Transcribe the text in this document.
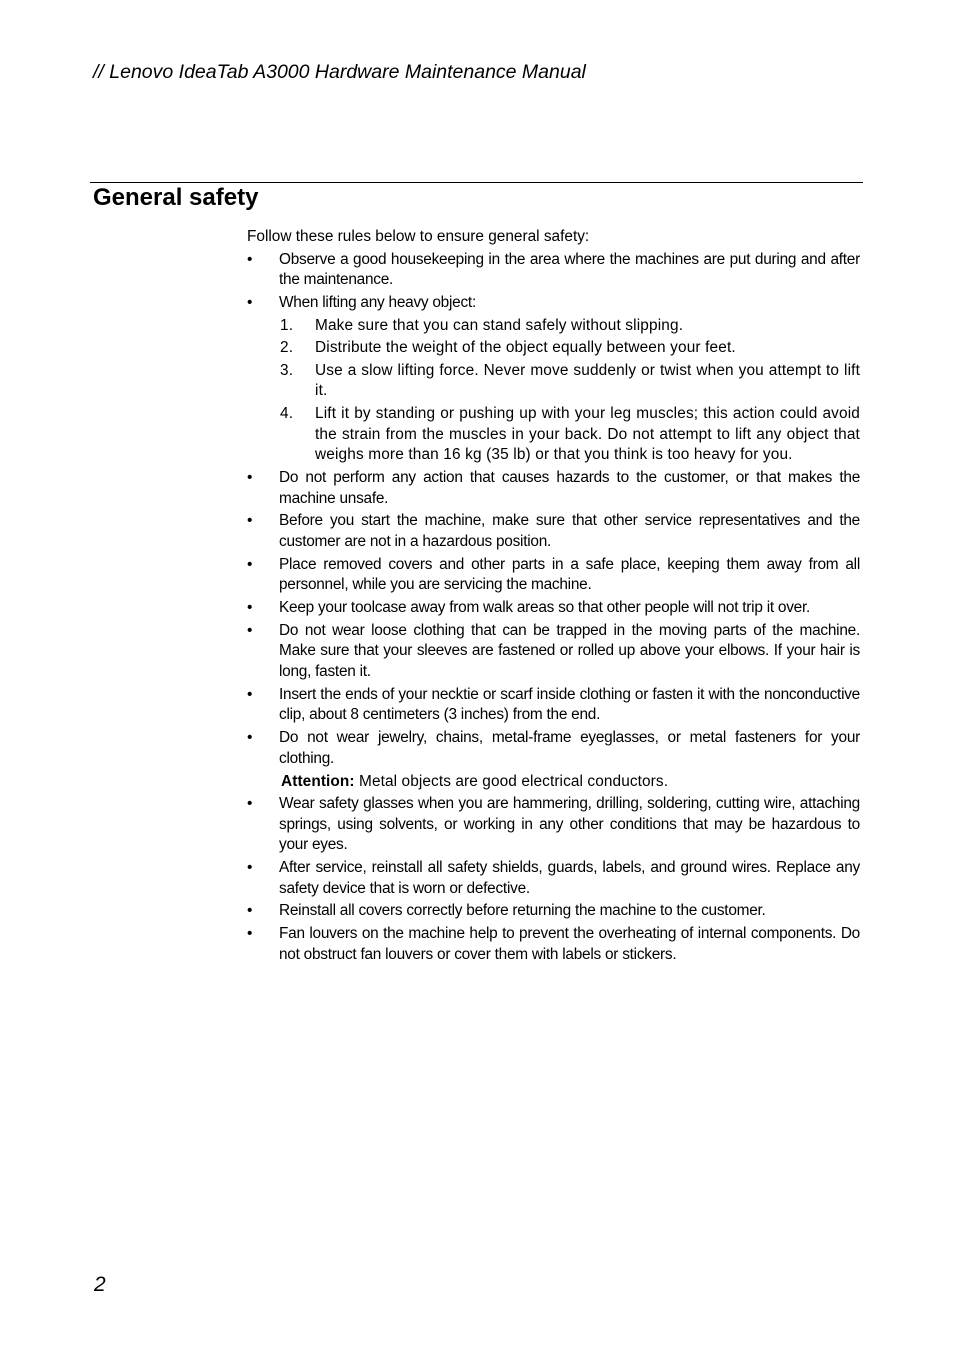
// Lenovo IdeaTab A3000 Hardware Maintenance Manual
General safety

Follow these rules below to ensure general safety:

• Observe a good housekeeping in the area where the machines are put during and after the maintenance.
• When lifting any heavy object:
1. Make sure that you can stand safely without slipping.
2. Distribute the weight of the object equally between your feet.
3. Use a slow lifting force. Never move suddenly or twist when you attempt to lift it.
4. Lift it by standing or pushing up with your leg muscles; this action could avoid the strain from the muscles in your back. Do not attempt to lift any object that weighs more than 16 kg (35 lb) or that you think is too heavy for you.
• Do not perform any action that causes hazards to the customer, or that makes the machine unsafe.
• Before you start the machine, make sure that other service representatives and the customer are not in a hazardous position.
• Place removed covers and other parts in a safe place, keeping them away from all personnel, while you are servicing the machine.
• Keep your toolcase away from walk areas so that other people will not trip it over.
• Do not wear loose clothing that can be trapped in the moving parts of the machine. Make sure that your sleeves are fastened or rolled up above your elbows. If your hair is long, fasten it.
• Insert the ends of your necktie or scarf inside clothing or fasten it with the nonconductive clip, about 8 centimeters (3 inches) from the end.
• Do not wear jewelry, chains, metal-frame eyeglasses, or metal fasteners for your clothing.

Attention: Metal objects are good electrical conductors.

• Wear safety glasses when you are hammering, drilling, soldering, cutting wire, attaching springs, using solvents, or working in any other conditions that may be hazardous to your eyes.
• After service, reinstall all safety shields, guards, labels, and ground wires. Replace any safety device that is worn or defective.
• Reinstall all covers correctly before returning the machine to the customer.
• Fan louvers on the machine help to prevent the overheating of internal components. Do not obstruct fan louvers or cover them with labels or stickers.
2
